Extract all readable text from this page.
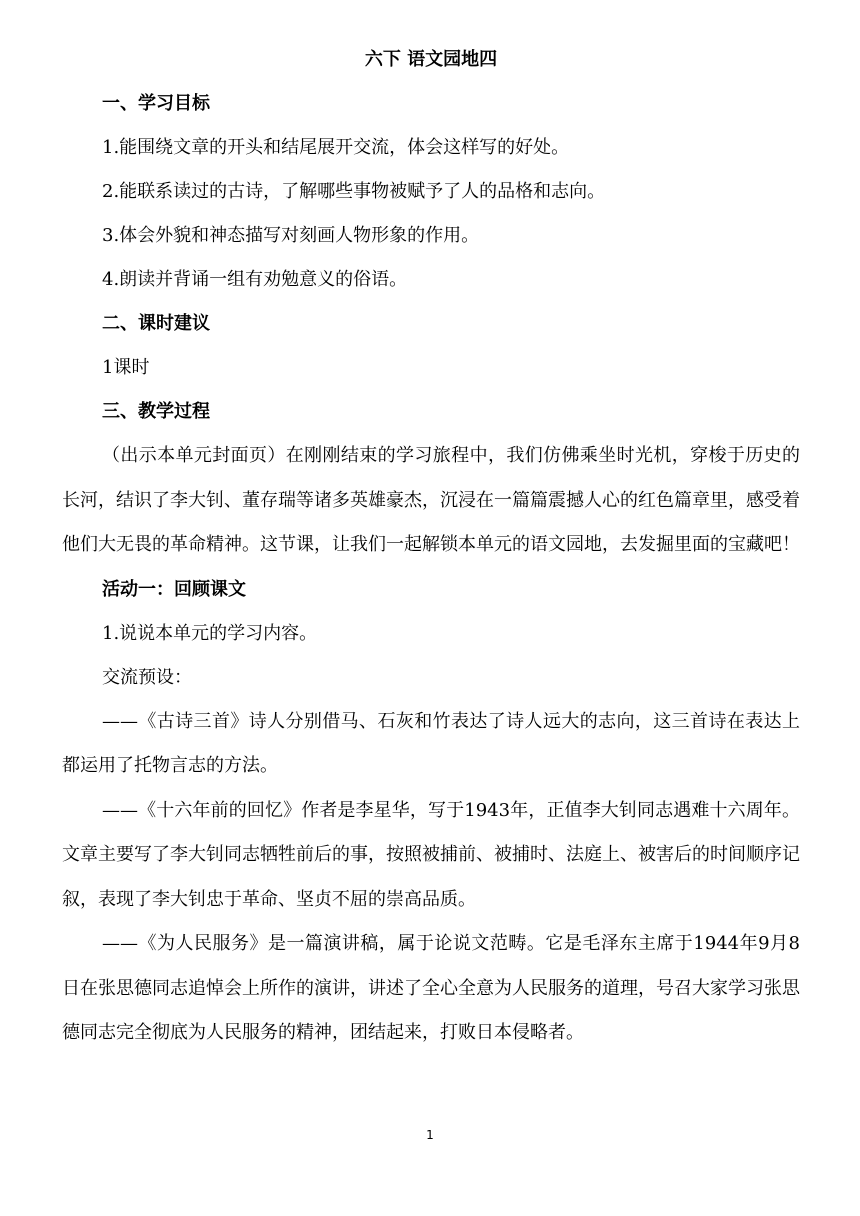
六下 语文园地四

一、学习目标

1.能围绕文章的开头和结尾展开交流，体会这样写的好处。

2.能联系读过的古诗，了解哪些事物被赋予了人的品格和志向。

3.体会外貌和神态描写对刻画人物形象的作用。

4.朗读并背诵一组有劝勉意义的俗语。

二、课时建议

1课时

三、教学过程

（出示本单元封面页）在刚刚结束的学习旅程中，我们仿佛乘坐时光机，穿梭于历史的长河，结识了李大钊、董存瑞等诸多英雄豪杰，沉浸在一篇篇震撼人心的红色篇章里，感受着他们大无畏的革命精神。这节课，让我们一起解锁本单元的语文园地，去发掘里面的宝藏吧！

活动一：回顾课文

1.说说本单元的学习内容。

交流预设：

——《古诗三首》诗人分别借马、石灰和竹表达了诗人远大的志向，这三首诗在表达上都运用了托物言志的方法。

——《十六年前的回忆》作者是李星华，写于1943年，正值李大钊同志遇难十六周年。文章主要写了李大钊同志牺牲前后的事，按照被捕前、被捕时、法庭上、被害后的时间顺序记叙，表现了李大钊忠于革命、坚贞不屈的崇高品质。

——《为人民服务》是一篇演讲稿，属于论说文范畴。它是毛泽东主席于1944年9月8日在张思德同志追悼会上所作的演讲，讲述了全心全意为人民服务的道理，号召大家学习张思德同志完全彻底为人民服务的精神，团结起来，打败日本侵略者。

1
